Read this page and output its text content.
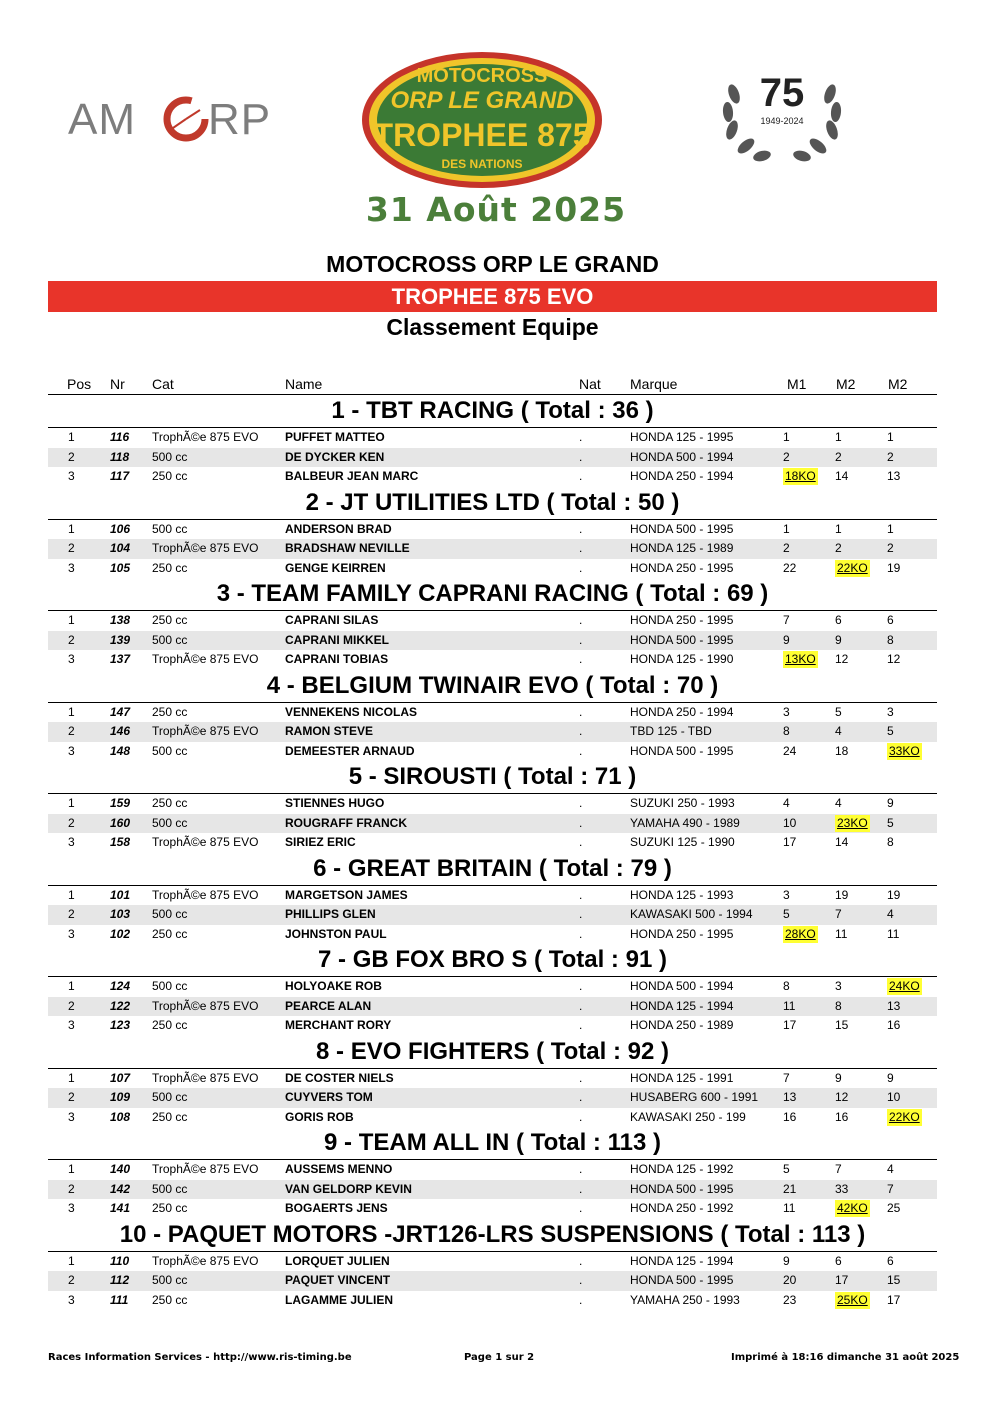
AM RP
MOTOCROSS
ORP LE GRAND
TROPHEE 875
DES NATIONS
75
1949-2024
31 Août 2025
MOTOCROSS ORP LE GRAND
TROPHEE 875 EVO
Classement Equipe
Pos Nr Cat	Name	Nat Marque	M1 M2 M2
1 - TBT RACING ( Total : 36 )
1	116 TrophÃ©e 875 EVO PUFFET MATTEO	.	HONDA 125 - 1995	1	1	1
2	118 500 cc	DE DYCKER KEN	.	HONDA 500 - 1994	2	2	2
3	117 250 cc	BALBEUR JEAN MARC	.	HONDA 250 - 1994	18KO 14	13
2 - JT UTILITIES LTD ( Total : 50 )
1	106 500 cc	ANDERSON BRAD	.	HONDA 500 - 1995	1	1	1
2	104 TrophÃ©e 875 EVO BRADSHAW NEVILLE	.	HONDA 125 - 1989	2	2	2
3	105 250 cc	GENGE KEIRREN	.	HONDA 250 - 1995	22	22KO 19
3 - TEAM FAMILY CAPRANI RACING ( Total : 69 )
1	138 250 cc	CAPRANI SILAS	.	HONDA 250 - 1995	7	6	6
2	139 500 cc	CAPRANI MIKKEL	.	HONDA 500 - 1995	9	9	8
3	137 TrophÃ©e 875 EVO CAPRANI TOBIAS	.	HONDA 125 - 1990	13KO 12	12
4 - BELGIUM TWINAIR EVO ( Total : 70 )
1	147 250 cc	VENNEKENS NICOLAS	.	HONDA 250 - 1994	3	5	3
2	146 TrophÃ©e 875 EVO RAMON STEVE	.	TBD 125 - TBD	8	4	5
3	148 500 cc	DEMEESTER ARNAUD	.	HONDA 500 - 1995	24	18	33KO
5 - SIROUSTI ( Total : 71 )
1	159 250 cc	STIENNES HUGO	.	SUZUKI 250 - 1993	4	4	9
2	160 500 cc	ROUGRAFF FRANCK	.	YAMAHA 490 - 1989	10	23KO 5
3	158 TrophÃ©e 875 EVO SIRIEZ ERIC	.	SUZUKI 125 - 1990	17	14	8
6 - GREAT BRITAIN ( Total : 79 )
1	101 TrophÃ©e 875 EVO MARGETSON JAMES	.	HONDA 125 - 1993	3	19	19
2	103 500 cc	PHILLIPS GLEN	.	KAWASAKI 500 - 1994	5	7	4
3	102 250 cc	JOHNSTON PAUL	.	HONDA 250 - 1995	28KO 11	11
7 - GB FOX BRO S ( Total : 91 )
1	124 500 cc	HOLYOAKE ROB	.	HONDA 500 - 1994	8	3	24KO
2	122 TrophÃ©e 875 EVO PEARCE ALAN	.	HONDA 125 - 1994	11	8	13
3	123 250 cc	MERCHANT RORY	.	HONDA 250 - 1989	17	15	16
8 - EVO FIGHTERS ( Total : 92 )
1	107 TrophÃ©e 875 EVO DE COSTER NIELS	.	HONDA 125 - 1991	7	9	9
2	109 500 cc	CUYVERS TOM	.	HUSABERG 600 - 1991 13	12	10
3	108 250 cc	GORIS ROB	.	KAWASAKI 250 - 199	16	16	22KO
9 - TEAM ALL IN ( Total : 113 )
1	140 TrophÃ©e 875 EVO AUSSEMS MENNO	.	HONDA 125 - 1992	5	7	4
2	142 500 cc	VAN GELDORP KEVIN	.	HONDA 500 - 1995	21	33	7
3	141 250 cc	BOGAERTS JENS	.	HONDA 250 - 1992	11	42KO 25
10 - PAQUET MOTORS -JRT126-LRS SUSPENSIONS ( Total : 113 )
1	110 TrophÃ©e 875 EVO LORQUET JULIEN	.	HONDA 125 - 1994	9	6	6
2	112 500 cc	PAQUET VINCENT	.	HONDA 500 - 1995	20	17	15
3	111 250 cc	LAGAMME JULIEN	.	YAMAHA 250 - 1993	23	25KO 17
Races Information Services - http://www.ris-timing.be	Page 1 sur 2	Imprimé à 18:16 dimanche 31 août 2025
